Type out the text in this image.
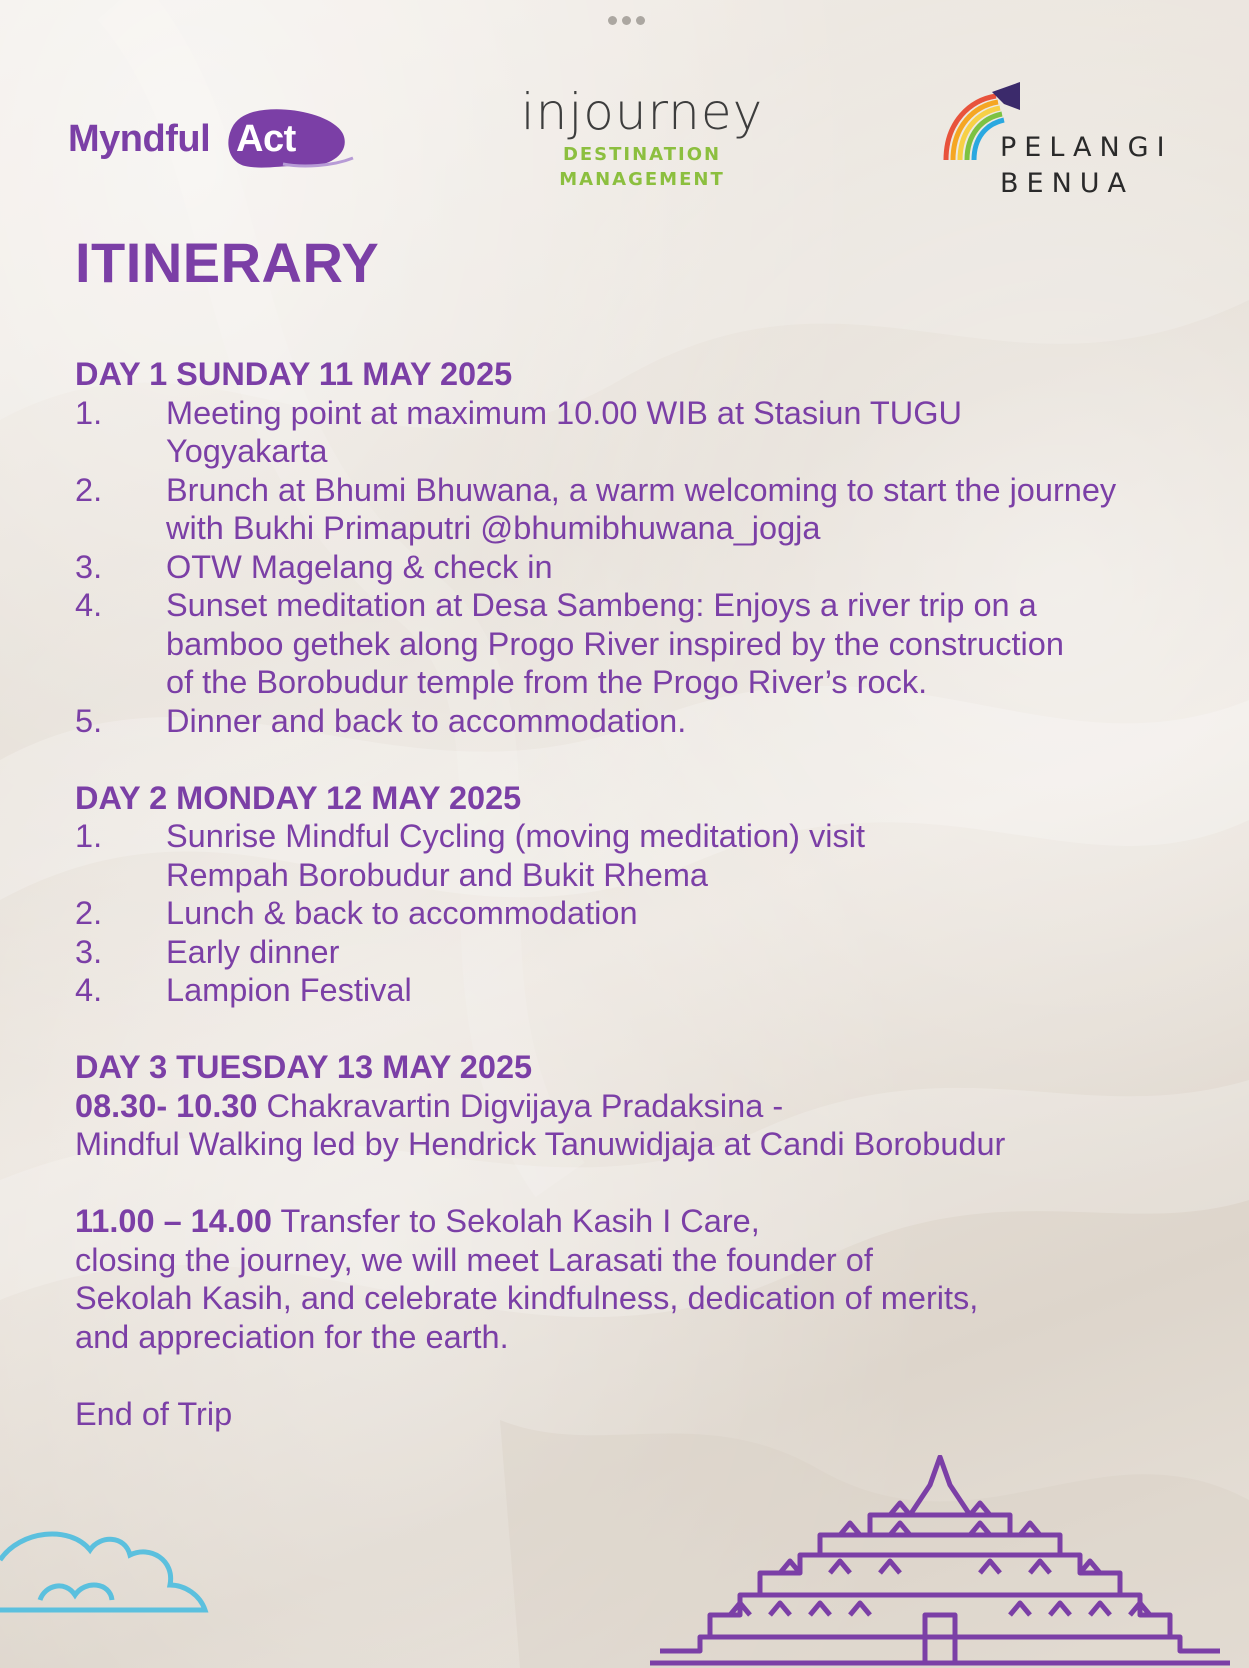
Myndful Act	injourney
DESTINATION
MANAGEMENT
PELANGI
BENUA
ITINERARY

DAY 1 SUNDAY 11 MAY 2025

1.	Meeting point at maximum 10.00 WIB at Stasiun TUGU Yogyakarta
2.	Brunch at Bhumi Bhuwana, a warm welcoming to start the journey with Bukhi Primaputri @bhumibhuwana_jogja
3.	OTW Magelang & check in
4.	Sunset meditation at Desa Sambeng: Enjoys a river trip on a bamboo gethek along Progo River inspired by the construction of the Borobudur temple from the Progo River’s rock.
5.	Dinner and back to accommodation.

DAY 2 MONDAY 12 MAY 2025

1.	Sunrise Mindful Cycling (moving meditation) visit Rempah Borobudur and Bukit Rhema
2.	Lunch & back to accommodation
3.	Early dinner
4.	Lampion Festival

DAY 3 TUESDAY 13 MAY 2025

08.30- 10.30 Chakravartin Digvijaya Pradaksina -
Mindful Walking led by Hendrick Tanuwidjaja at Candi Borobudur

11.00 – 14.00 Transfer to Sekolah Kasih I Care,
closing the journey, we will meet Larasati the founder of
Sekolah Kasih, and celebrate kindfulness, dedication of merits,
and appreciation for the earth.

End of Trip
